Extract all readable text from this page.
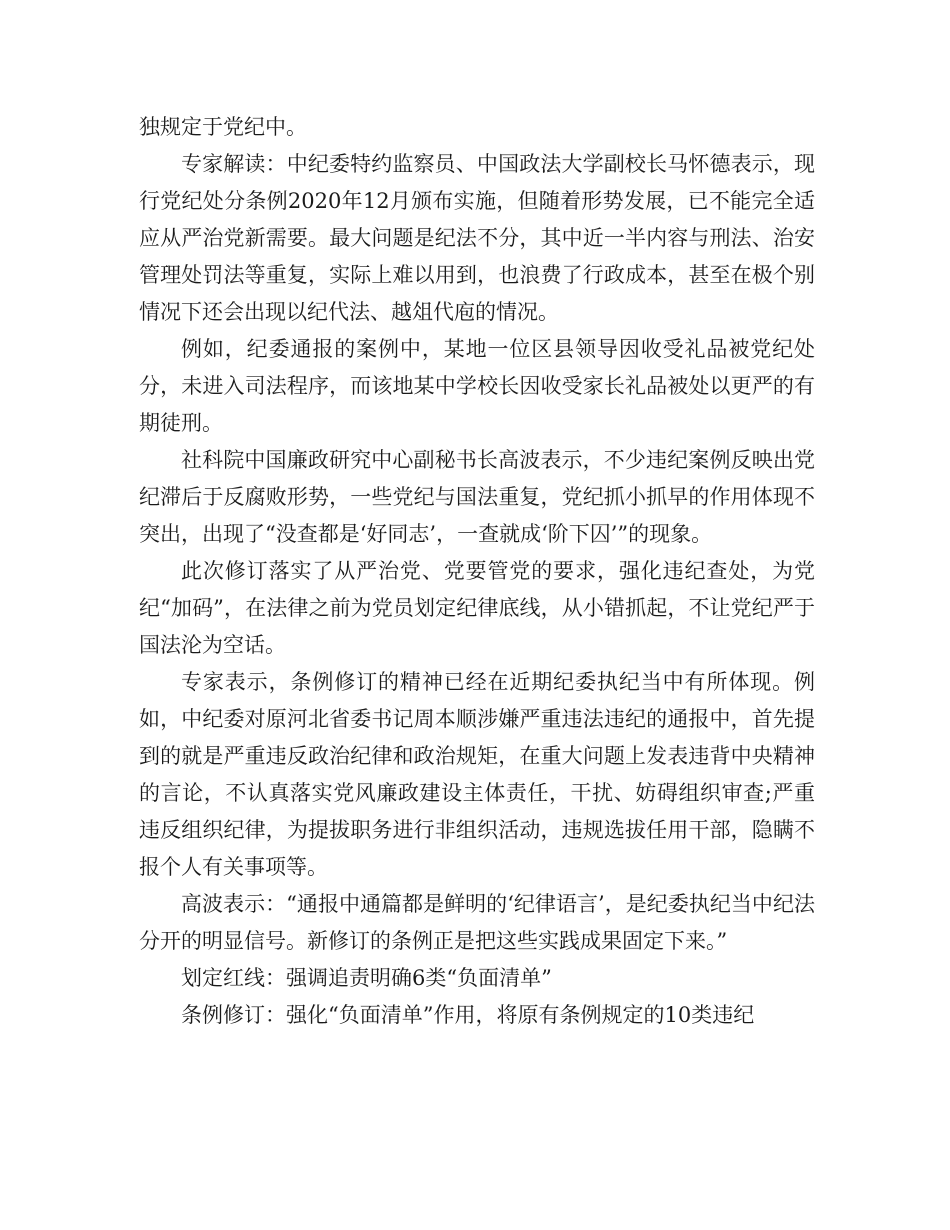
独规定于党纪中。

专家解读：中纪委特约监察员、中国政法大学副校长马怀德表示，现行党纪处分条例2020年12月颁布实施，但随着形势发展，已不能完全适应从严治党新需要。最大问题是纪法不分，其中近一半内容与刑法、治安管理处罚法等重复，实际上难以用到，也浪费了行政成本，甚至在极个别情况下还会出现以纪代法、越俎代庖的情况。

例如，纪委通报的案例中，某地一位区县领导因收受礼品被党纪处分，未进入司法程序，而该地某中学校长因收受家长礼品被处以更严的有期徒刑。

社科院中国廉政研究中心副秘书长高波表示，不少违纪案例反映出党纪滞后于反腐败形势，一些党纪与国法重复，党纪抓小抓早的作用体现不突出，出现了“没查都是‘好同志’，一查就成‘阶下囚’”的现象。

此次修订落实了从严治党、党要管党的要求，强化违纪查处，为党纪“加码”，在法律之前为党员划定纪律底线，从小错抓起，不让党纪严于国法沦为空话。

专家表示，条例修订的精神已经在近期纪委执纪当中有所体现。例如，中纪委对原河北省委书记周本顺涉嫌严重违法违纪的通报中，首先提到的就是严重违反政治纪律和政治规矩，在重大问题上发表违背中央精神的言论，不认真落实党风廉政建设主体责任，干扰、妨碍组织审查;严重违反组织纪律，为提拔职务进行非组织活动，违规选拔任用干部，隐瞒不报个人有关事项等。

高波表示：“通报中通篇都是鲜明的‘纪律语言’，是纪委执纪当中纪法分开的明显信号。新修订的条例正是把这些实践成果固定下来。”

划定红线：强调追责明确6类“负面清单”

条例修订：强化“负面清单”作用，将原有条例规定的10类违纪
